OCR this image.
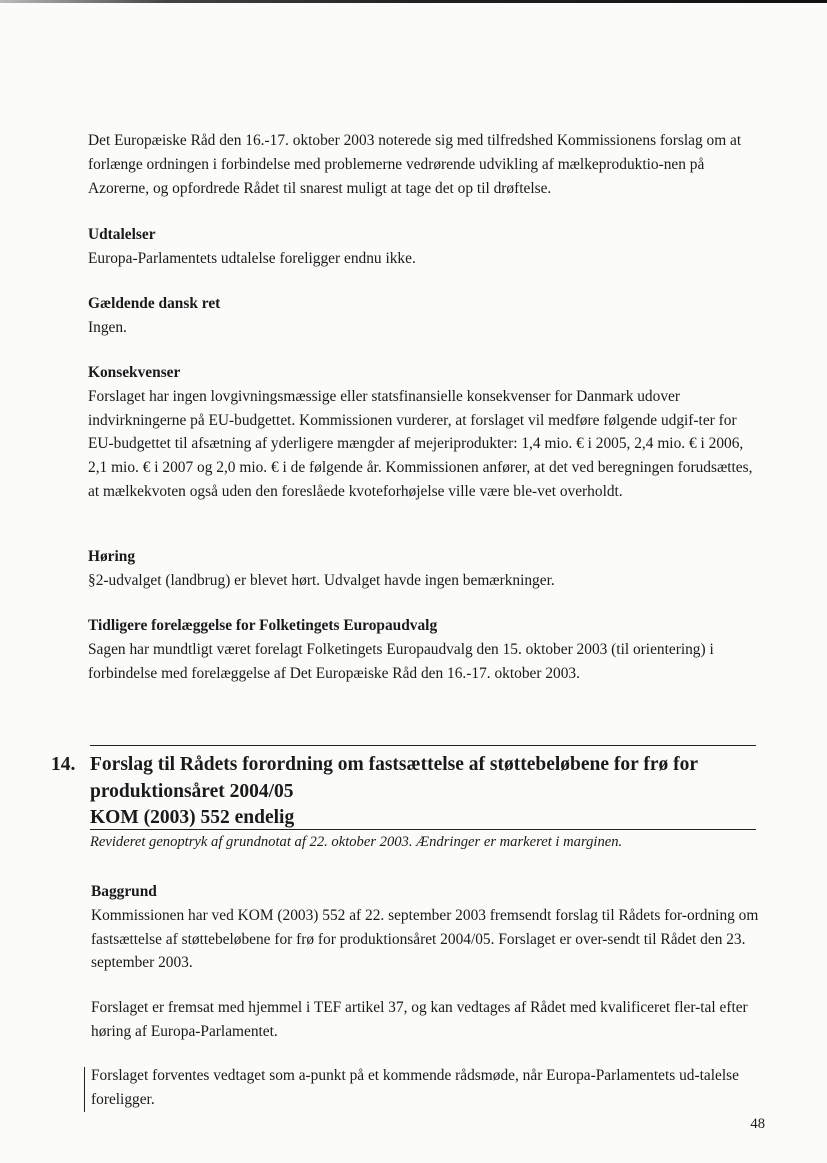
Det Europæiske Råd den 16.-17. oktober 2003 noterede sig med tilfredshed Kommissionens forslag om at forlænge ordningen i forbindelse med problemerne vedrørende udvikling af mælkeproduktio-nen på Azorerne, og opfordrede Rådet til snarest muligt at tage det op til drøftelse.

Udtalelser

Europa-Parlamentets udtalelse foreligger endnu ikke.

Gældende dansk ret

Ingen.

Konsekvenser

Forslaget har ingen lovgivningsmæssige eller statsfinansielle konsekvenser for Danmark udover indvirkningerne på EU-budgettet. Kommissionen vurderer, at forslaget vil medføre følgende udgif-ter for EU-budgettet til afsætning af yderligere mængder af mejeriprodukter: 1,4 mio. € i 2005, 2,4 mio. € i 2006, 2,1 mio. € i 2007 og 2,0 mio. € i de følgende år. Kommissionen anfører, at det ved beregningen forudsættes, at mælkekvoten også uden den foreslåede kvoteforhøjelse ville være ble-vet overholdt.

Høring

§2-udvalget (landbrug) er blevet hørt. Udvalget havde ingen bemærkninger.

Tidligere forelæggelse for Folketingets Europaudvalg

Sagen har mundtligt været forelagt Folketingets Europaudvalg den 15. oktober 2003 (til orientering) i forbindelse med forelæggelse af Det Europæiske Råd den 16.-17. oktober 2003.

14. Forslag til Rådets forordning om fastsættelse af støttebeløbene for frø for produktionsåret 2004/05
KOM (2003) 552 endelig
Revideret genoptryk af grundnotat af 22. oktober 2003. Ændringer er markeret i marginen.

Baggrund

Kommissionen har ved KOM (2003) 552 af 22. september 2003 fremsendt forslag til Rådets for-ordning om fastsættelse af støttebeløbene for frø for produktionsåret 2004/05. Forslaget er over-sendt til Rådet den 23. september 2003.

Forslaget er fremsat med hjemmel i TEF artikel 37, og kan vedtages af Rådet med kvalificeret fler-tal efter høring af Europa-Parlamentet.

Forslaget forventes vedtaget som a-punkt på et kommende rådsmøde, når Europa-Parlamentets ud-talelse foreligger.

48
